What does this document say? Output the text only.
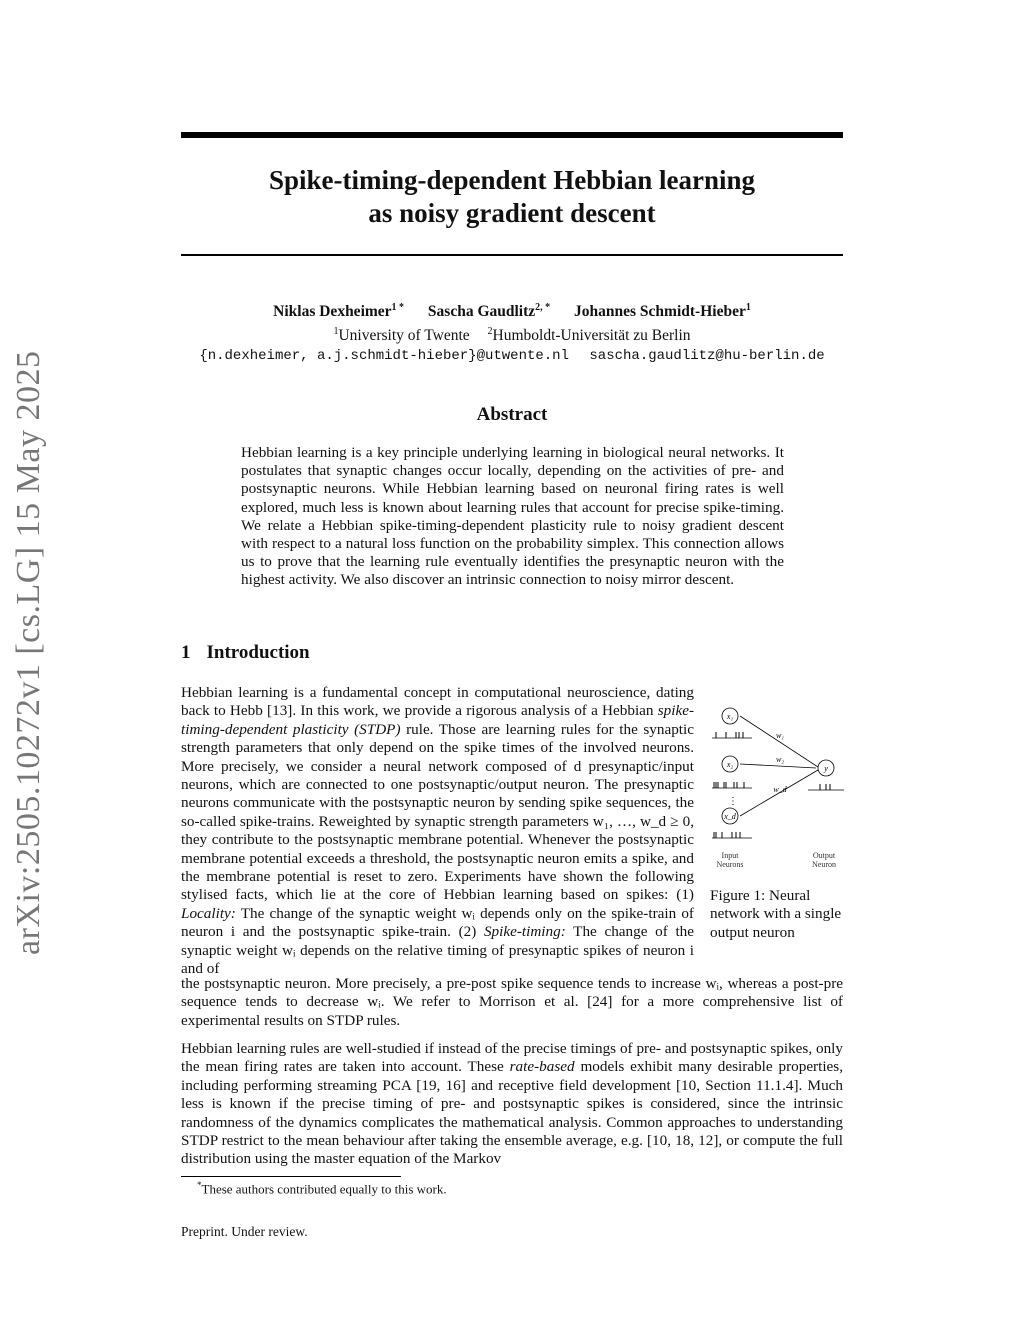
arXiv:2505.10272v1 [cs.LG] 15 May 2025
Spike-timing-dependent Hebbian learning
as noisy gradient descent
Niklas Dexheimer$^{1 *}$ Sascha Gaudlitz$^{2, *}$ Johannes Schmidt-Hieber$^1$
$^1$University of Twente $^2$Humboldt-Universität zu Berlin
{n.dexheimer, a.j.schmidt-hieber}@utwente.nl sascha.gaudlitz@hu-berlin.de
Abstract
Hebbian learning is a key principle underlying learning in biological neural networks. It postulates that synaptic changes occur locally, depending on the activities of pre- and postsynaptic neurons. While Hebbian learning based on neuronal firing rates is well explored, much less is known about learning rules that account for precise spike-timing. We relate a Hebbian spike-timing-dependent plasticity rule to noisy gradient descent with respect to a natural loss function on the probability simplex. This connection allows us to prove that the learning rule eventually identifies the presynaptic neuron with the highest activity. We also discover an intrinsic connection to noisy mirror descent.
1 Introduction
Hebbian learning is a fundamental concept in computational neuroscience, dating back to Hebb [13]. In this work, we provide a rigorous analysis of a Hebbian spike-timing-dependent plasticity (STDP) rule. Those are learning rules for the synaptic strength parameters that only depend on the spike times of the involved neurons. More precisely, we consider a neural network composed of d presynaptic/input neurons, which are connected to one postsynaptic/output neuron. The presynaptic neurons communicate with the postsynaptic neuron by sending spike sequences, the so-called spike-trains. Reweighted by synaptic strength parameters w₁, …, w_d ≥ 0, they contribute to the postsynaptic membrane potential. Whenever the postsynaptic membrane potential exceeds a threshold, the postsynaptic neuron emits a spike, and the membrane potential is reset to zero. Experiments have shown the following stylised facts, which lie at the core of Hebbian learning based on spikes: (1) Locality: The change of the synaptic weight wᵢ depends only on the spike-train of neuron i and the postsynaptic spike-train. (2) Spike-timing: The change of the synaptic weight wᵢ depends on the relative timing of presynaptic spikes of neuron i and of
the postsynaptic neuron. More precisely, a pre-post spike sequence tends to increase wᵢ, whereas a post-pre sequence tends to decrease wᵢ. We refer to Morrison et al. [24] for a more comprehensive list of experimental results on STDP rules.
Hebbian learning rules are well-studied if instead of the precise timings of pre- and postsynaptic spikes, only the mean firing rates are taken into account. These rate-based models exhibit many desirable properties, including performing streaming PCA [19, 16] and receptive field development [10, Section 11.1.4]. Much less is known if the precise timing of pre- and postsynaptic spikes is considered, since the intrinsic randomness of the dynamics complicates the mathematical analysis. Common approaches to understanding STDP restrict to the mean behaviour after taking the ensemble average, e.g. [10, 18, 12], or compute the full distribution using the master equation of the Markov
x₁
x₂
x_d
y
w₁
w₂
w_d
⋮
Input
Neurons
Output
Neuron
Figure 1: Neural network with a single output neuron
*These authors contributed equally to this work.
Preprint. Under review.
